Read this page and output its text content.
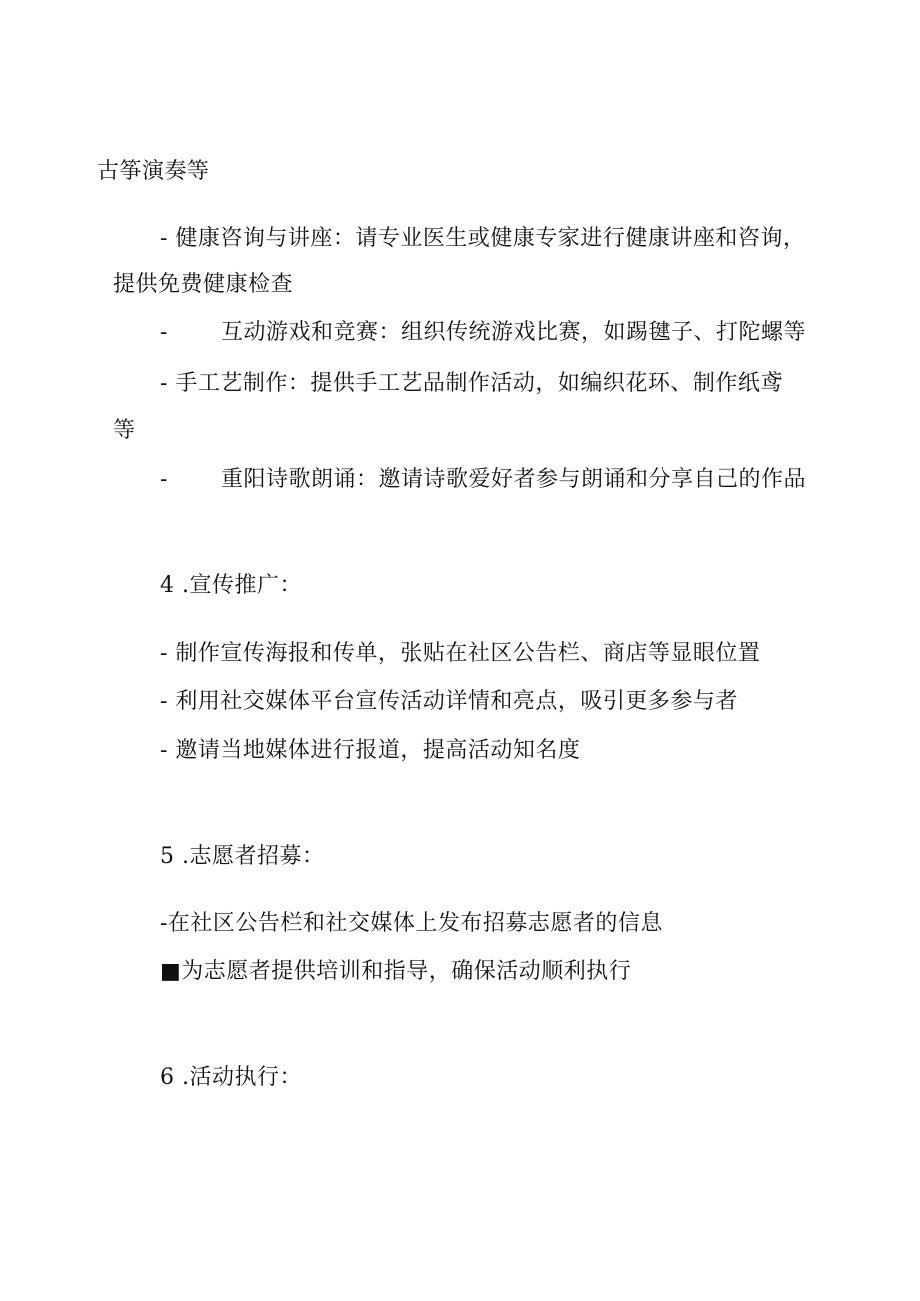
古筝演奏等
- 健康咨询与讲座：请专业医生或健康专家进行健康讲座和咨询，
提供免费健康检查
- 互动游戏和竞赛：组织传统游戏比赛，如踢毽子、打陀螺等
- 手工艺制作：提供手工艺品制作活动，如编织花环、制作纸鸢
等
- 重阳诗歌朗诵：邀请诗歌爱好者参与朗诵和分享自己的作品
4 .宣传推广：
- 制作宣传海报和传单，张贴在社区公告栏、商店等显眼位置
- 利用社交媒体平台宣传活动详情和亮点，吸引更多参与者
- 邀请当地媒体进行报道，提高活动知名度
5 .志愿者招募：
-在社区公告栏和社交媒体上发布招募志愿者的信息
■为志愿者提供培训和指导，确保活动顺利执行
6 .活动执行：
